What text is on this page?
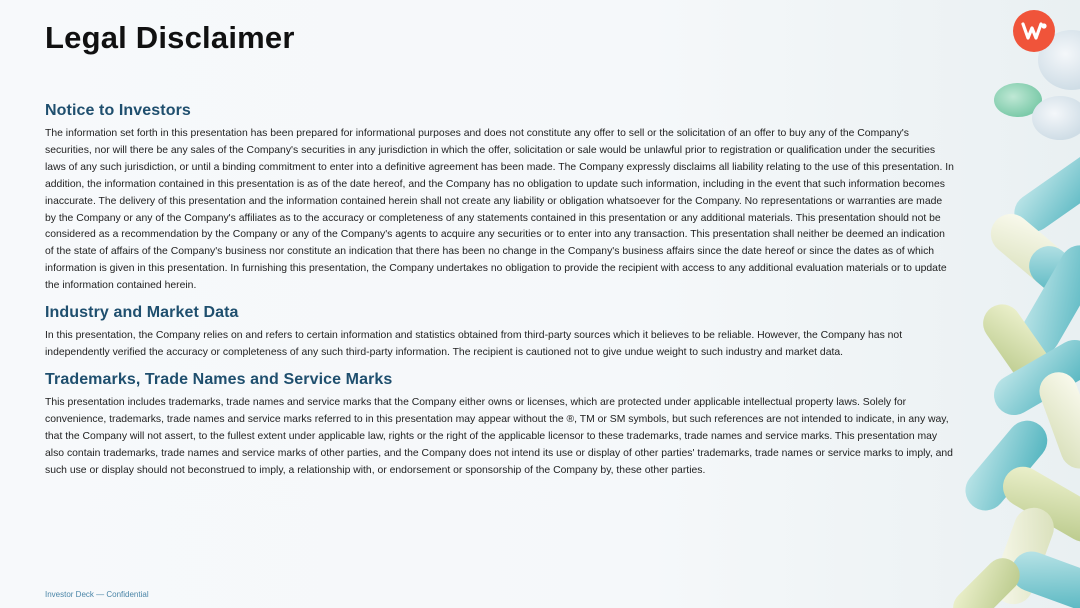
Legal Disclaimer
Notice to Investors

The information set forth in this presentation has been prepared for informational purposes and does not constitute any offer to sell or the solicitation of an offer to buy any of the Company's securities, nor will there be any sales of the Company's securities in any jurisdiction in which the offer, solicitation or sale would be unlawful prior to registration or qualification under the securities laws of any such jurisdiction, or until a binding commitment to enter into a definitive agreement has been made. The Company expressly disclaims all liability relating to the use of this presentation. In addition, the information contained in this presentation is as of the date hereof, and the Company has no obligation to update such information, including in the event that such information becomes inaccurate. The delivery of this presentation and the information contained herein shall not create any liability or obligation whatsoever for the Company. No representations or warranties are made by the Company or any of the Company's affiliates as to the accuracy or completeness of any statements contained in this presentation or any additional materials. This presentation should not be considered as a recommendation by the Company or any of the Company's agents to acquire any securities or to enter into any transaction. This presentation shall neither be deemed an indication of the state of affairs of the Company's business nor constitute an indication that there has been no change in the Company's business affairs since the date hereof or since the dates as of which information is given in this presentation. In furnishing this presentation, the Company undertakes no obligation to provide the recipient with access to any additional evaluation materials or to update the information contained herein.

Industry and Market Data

In this presentation, the Company relies on and refers to certain information and statistics obtained from third-party sources which it believes to be reliable. However, the Company has not independently verified the accuracy or completeness of any such third-party information. The recipient is cautioned not to give undue weight to such industry and market data.

Trademarks, Trade Names and Service Marks

This presentation includes trademarks, trade names and service marks that the Company either owns or licenses, which are protected under applicable intellectual property laws. Solely for convenience, trademarks, trade names and service marks referred to in this presentation may appear without the ®, TM or SM symbols, but such references are not intended to indicate, in any way, that the Company will not assert, to the fullest extent under applicable law, rights or the right of the applicable licensor to these trademarks, trade names and service marks. This presentation may also contain trademarks, trade names and service marks of other parties, and the Company does not intend its use or display of other parties' trademarks, trade names or service marks to imply, and such use or display should not beconstrued to imply, a relationship with, or endorsement or sponsorship of the Company by, these other parties.

Investor Deck — Confidential
